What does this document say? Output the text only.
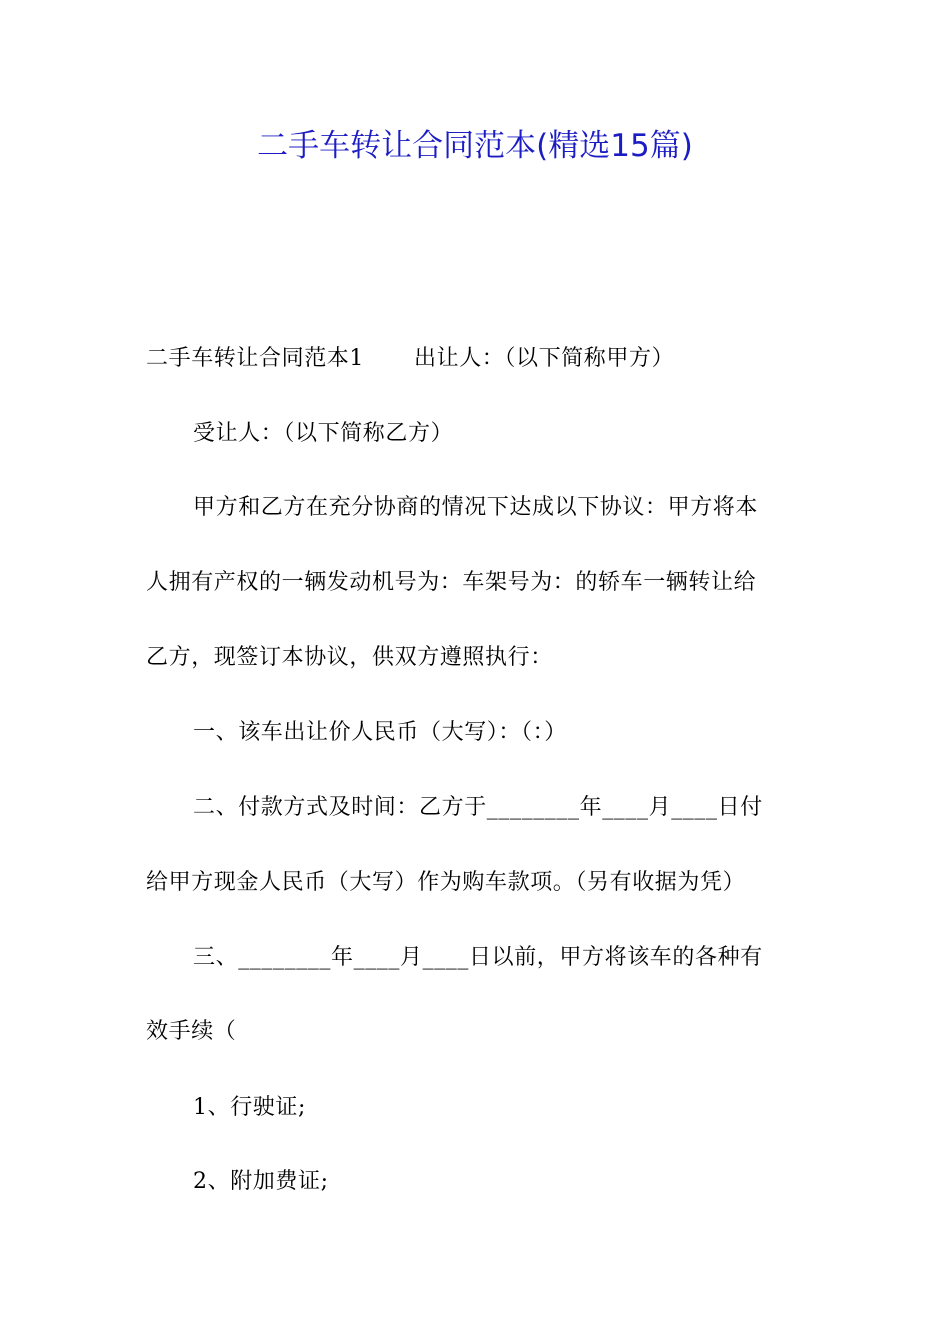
二手车转让合同范本(精选15篇)
二手车转让合同范本1 出让人：（以下简称甲方）
受让人：（以下简称乙方）
甲方和乙方在充分协商的情况下达成以下协议：甲方将本
人拥有产权的一辆发动机号为：车架号为：的轿车一辆转让给
乙方，现签订本协议，供双方遵照执行：
一、该车出让价人民币（大写）：（：）
二、付款方式及时间：乙方于________年____月____日付
给甲方现金人民币（大写）作为购车款项。（另有收据为凭）
三、________年____月____日以前，甲方将该车的各种有
效手续（
1、行驶证;
2、附加费证;
